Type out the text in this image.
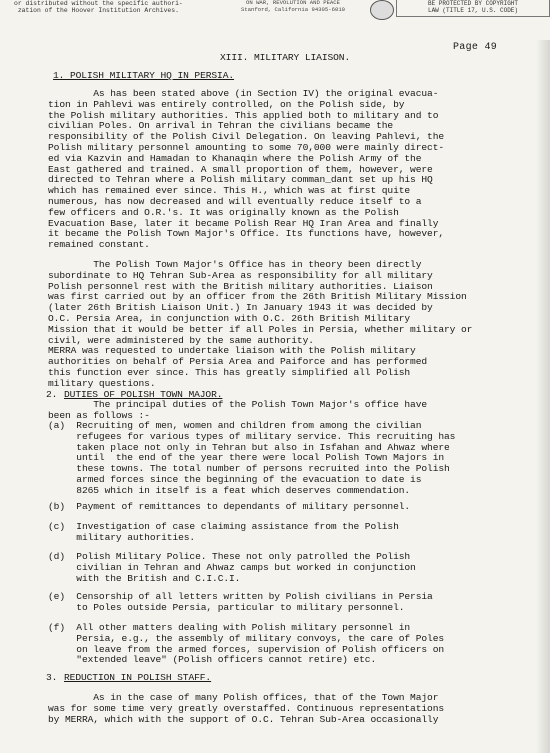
or distributed without the specific authori-
zation of the Hoover Institution Archives.
ON WAR, REVOLUTION AND PEACE
Stanford, California 94305-6010
BE PROTECTED BY COPYRIGHT
LAW (TITLE 17, U.S. CODE)
Page 49
XIII. MILITARY LIAISON.
1. POLISH MILITARY HQ IN PERSIA.
As has been stated above (in Section IV) the original evacua-
tion in Pahlevi was entirely controlled, on the Polish side, by
the Polish military authorities. This applied both to military and to
civilian Poles. On arrival in Tehran the civilians became the
responsibility of the Polish Civil Delegation. On leaving Pahlevi, the
Polish military personnel amounting to some 70,000 were mainly direct-
ed via Kazvin and Hamadan to Khanaqin where the Polish Army of the
East gathered and trained. A small proportion of them, however, were
directed to Tehran where a Polish military comman_dant set up his HQ
which has remained ever since. This H., which was at first quite
numerous, has now decreased and will eventually reduce itself to a
few officers and O.R.'s. It was originally known as the Polish
Evacuation Base, later it became Polish Rear HQ Iran Area and finally
it became the Polish Town Major's Office. Its functions have, however,
remained constant.
The Polish Town Major's Office has in theory been directly
subordinate to HQ Tehran Sub-Area as responsibility for all military
Polish personnel rest with the British military authorities. Liaison
was first carried out by an officer from the 26th British Military Mission
(later 26th British Liaison Unit.) In January 1943 it was decided by
O.C. Persia Area, in conjunction with O.C. 26th British Military
Mission that it would be better if all Poles in Persia, whether military or
civil, were administered by the same authority.
MERRA was requested to undertake liaison with the Polish military
authorities on behalf of Persia Area and Paiforce and has performed
this function ever since. This has greatly simplified all Polish
military questions.
2. DUTIES OF POLISH TOWN MAJOR.
The principal duties of the Polish Town Major's office have
been as follows :-
(a)  Recruiting of men, women and children from among the civilian
refugees for various types of military service. This recruiting has
taken place not only in Tehran but also in Isfahan and Ahwaz where
until  the end of the year there were local Polish Town Majors in
these towns. The total number of persons recruited into the Polish
armed forces since the beginning of the evacuation to date is
8265 which in itself is a feat which deserves commendation.
(b)  Payment of remittances to dependants of military personnel.
(c)  Investigation of case claiming assistance from the Polish
military authorities.
(d)  Polish Military Police. These not only patrolled the Polish
civilian in Tehran and Ahwaz camps but worked in conjunction
with the British and C.I.C.I.
(e)  Censorship of all letters written by Polish civilians in Persia
to Poles outside Persia, particular to military personnel.
(f)  All other matters dealing with Polish military personnel in
Persia, e.g., the assembly of military convoys, the care of Poles
on leave from the armed forces, supervision of Polish officers on
"extended leave" (Polish officers cannot retire) etc.
3. REDUCTION IN POLISH STAFF.
As in the case of many Polish offices, that of the Town Major
was for some time very greatly overstaffed. Continuous representations
by MERRA, which with the support of O.C. Tehran Sub-Area occasionally
